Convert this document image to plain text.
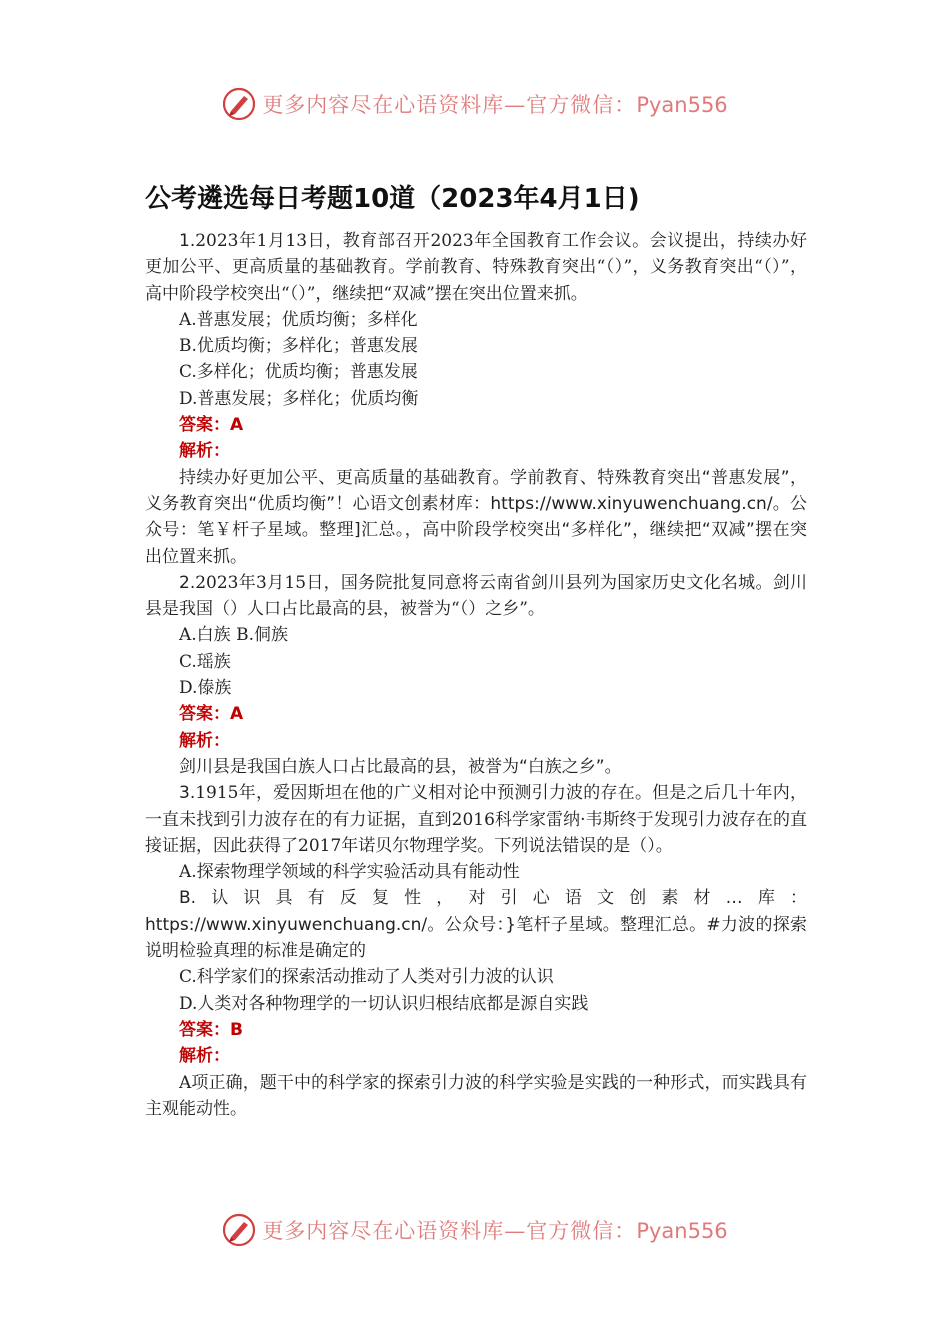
更多内容尽在心语资料库—官方微信：Pyan556
公考遴选每日考题10道（2023年4月1日)

1.2023年1月13日，教育部召开2023年全国教育工作会议。会议提出，持续办好更加公平、更高质量的基础教育。学前教育、特殊教育突出“（）”，义务教育突出“（）”，高中阶段学校突出“（）”，继续把“双减”摆在突出位置来抓。

A.普惠发展；优质均衡；多样化

B.优质均衡；多样化；普惠发展

C.多样化；优质均衡；普惠发展

D.普惠发展；多样化；优质均衡

答案：A

解析：

持续办好更加公平、更高质量的基础教育。学前教育、特殊教育突出“普惠发展”，义务教育突出“优质均衡”！心语文创素材库：https://www.xinyuwenchuang.cn/。公众号：笔￥杆子星域。整理]汇总。，高中阶段学校突出“多样化”，继续把“双减”摆在突出位置来抓。

2.2023年3月15日，国务院批复同意将云南省剑川县列为国家历史文化名城。剑川县是我国（）人口占比最高的县，被誉为“（）之乡”。

A.白族 B.侗族

C.瑶族

D.傣族

答案：A

解析：

剑川县是我国白族人口占比最高的县，被誉为“白族之乡”。

3.1915年，爱因斯坦在他的广义相对论中预测引力波的存在。但是之后几十年内，一直未找到引力波存在的有力证据，直到2016科学家雷纳·韦斯终于发现引力波存在的直接证据，因此获得了2017年诺贝尔物理学奖。下列说法错误的是（）。

A.探索物理学领域的科学实验活动具有能动性

B.认识具有反复性，对引心语文创素材…库：https://www.xinyuwenchuang.cn/。公众号：}笔杆子星域。整理汇总。#力波的探索说明检验真理的标准是确定的

C.科学家们的探索活动推动了人类对引力波的认识

D.人类对各种物理学的一切认识归根结底都是源自实践

答案：B

解析：

A项正确，题干中的科学家的探索引力波的科学实验是实践的一种形式，而实践具有主观能动性。

更多内容尽在心语资料库—官方微信：Pyan556
